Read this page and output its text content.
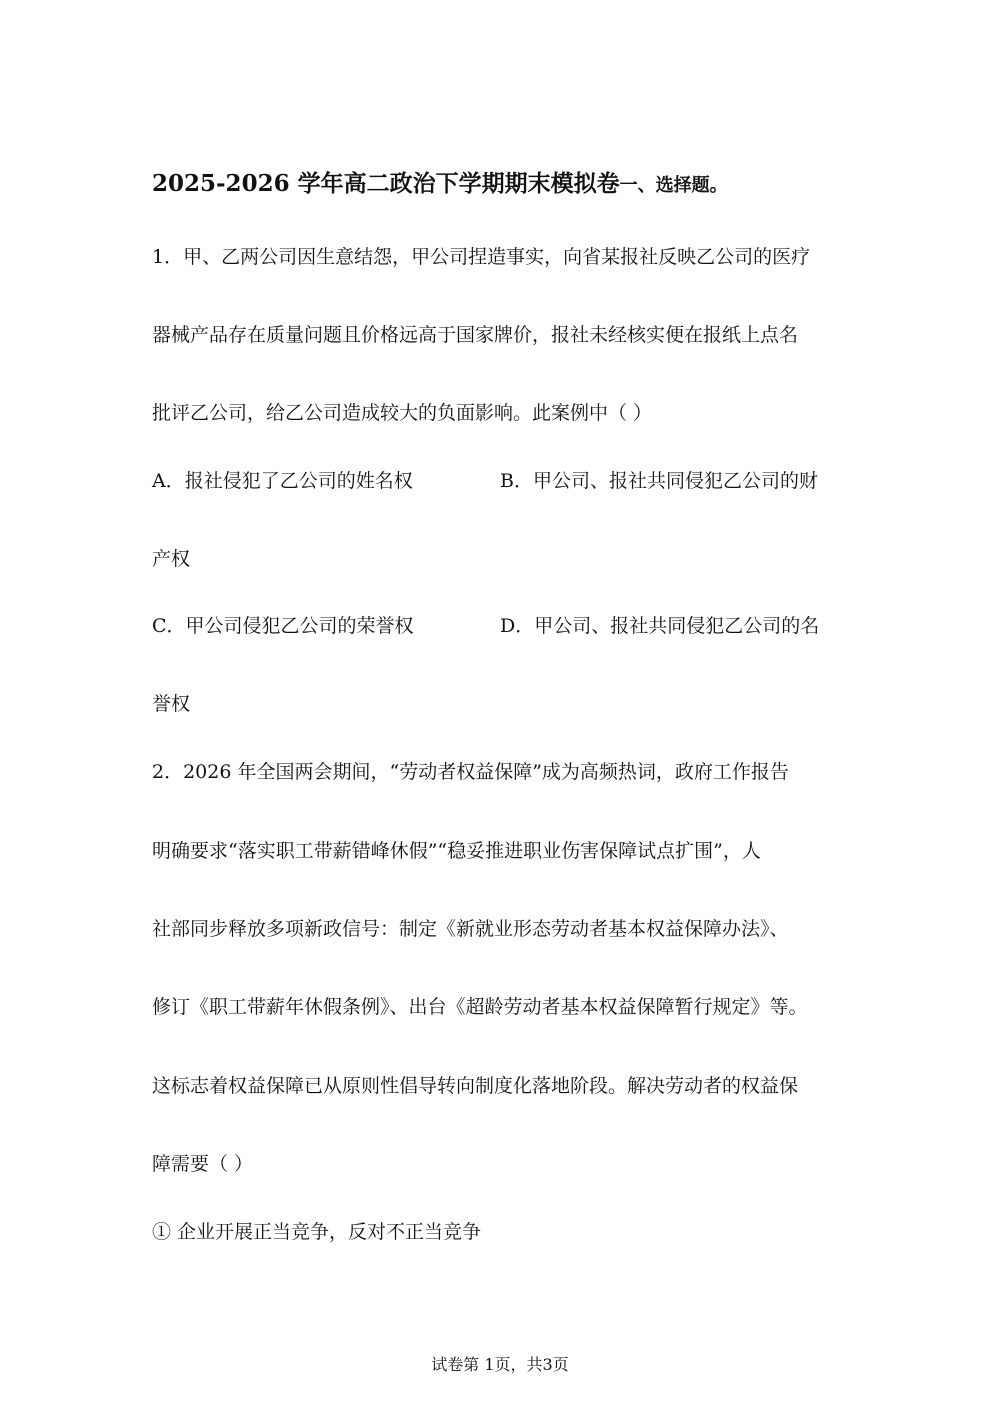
2025-2026 学年高二政治下学期期末模拟卷一、选择题。

1．甲、乙两公司因生意结怨，甲公司捏造事实，向省某报社反映乙公司的医疗

器械产品存在质量问题且价格远高于国家牌价，报社未经核实便在报纸上点名

批评乙公司，给乙公司造成较大的负面影响。此案例中（ ）

A．报社侵犯了乙公司的姓名权	B．甲公司、报社共同侵犯乙公司的财

产权

C．甲公司侵犯乙公司的荣誉权	D．甲公司、报社共同侵犯乙公司的名

誉权

2．2026 年全国两会期间，“劳动者权益保障”成为高频热词，政府工作报告

明确要求“落实职工带薪错峰休假”“稳妥推进职业伤害保障试点扩围”，人

社部同步释放多项新政信号：制定《新就业形态劳动者基本权益保障办法》、

修订《职工带薪年休假条例》、出台《超龄劳动者基本权益保障暂行规定》等。

这标志着权益保障已从原则性倡导转向制度化落地阶段。解决劳动者的权益保

障需要（ ）

① 企业开展正当竞争，反对不正当竞争

试卷第 1页，共3页
